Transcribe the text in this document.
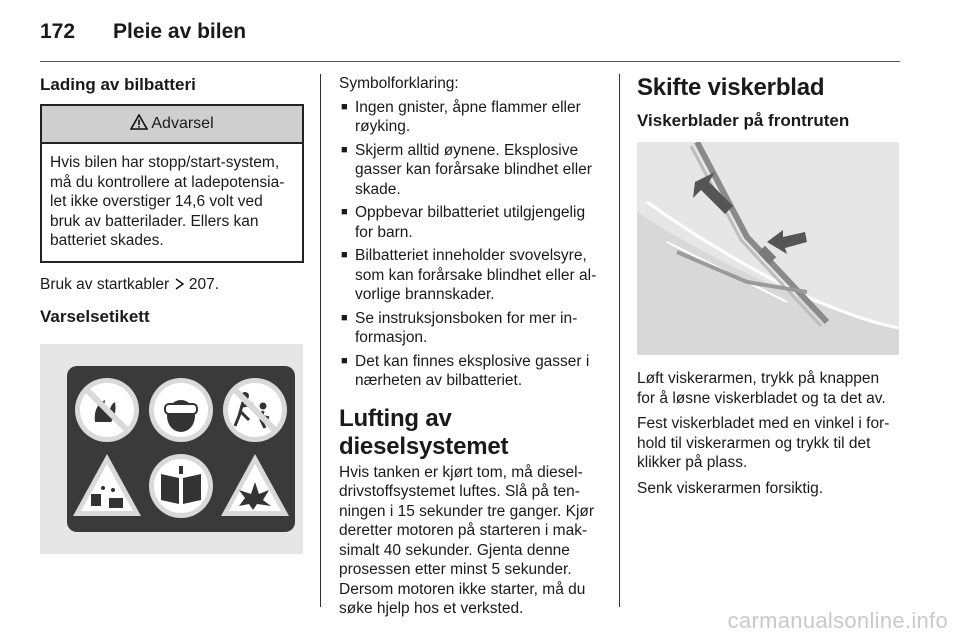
172 Pleie av bilen
Lading av bilbatteri
Advarsel
Hvis bilen har stopp/start-system, må du kontrollere at ladepotensia-let ikke overstiger 14,6 volt ved bruk av batterilader. Ellers kan batteriet skades.
Bruk av startkabler  207.
Varselsetikett
Symbolforklaring:
■ Ingen gnister, åpne flammer eller røyking.
■ Skjerm alltid øynene. Eksplosive gasser kan forårsake blindhet eller skade.
■ Oppbevar bilbatteriet utilgjengelig for barn.
■ Bilbatteriet inneholder svovelsyre, som kan forårsake blindhet eller al-vorlige brannskader.
■ Se instruksjonsboken for mer in-formasjon.
■ Det kan finnes eksplosive gasser i nærheten av bilbatteriet.
Lufting av dieselsystemet
Hvis tanken er kjørt tom, må diesel-drivstoffsystemet luftes. Slå på ten-ningen i 15 sekunder tre ganger. Kjør deretter motoren på starteren i mak-simalt 40 sekunder. Gjenta denne prosessen etter minst 5 sekunder. Dersom motoren ikke starter, må du søke hjelp hos et verksted.
Skifte viskerblad
Viskerblader på frontruten
Løft viskerarmen, trykk på knappen for å løsne viskerbladet og ta det av.
Fest viskerbladet med en vinkel i for-hold til viskerarmen og trykk til det klikker på plass.
Senk viskerarmen forsiktig.
carmanualsonline.info
